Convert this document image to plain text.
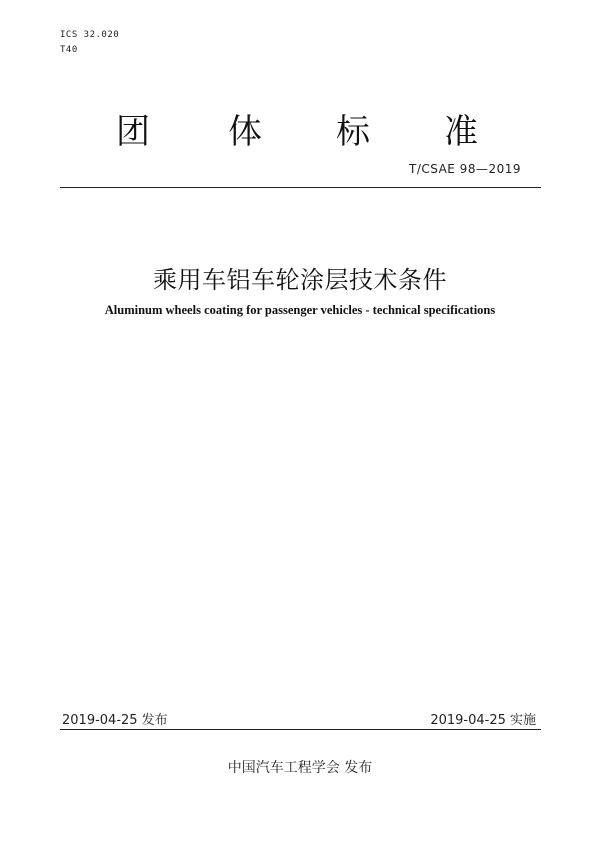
ICS 32.020
T40
团 体 标 准
T/CSAE 98—2019
乘用车铝车轮涂层技术条件
Aluminum wheels coating for passenger vehicles - technical specifications
2019-04-25 发布	2019-04-25 实施
中国汽车工程学会 发布
